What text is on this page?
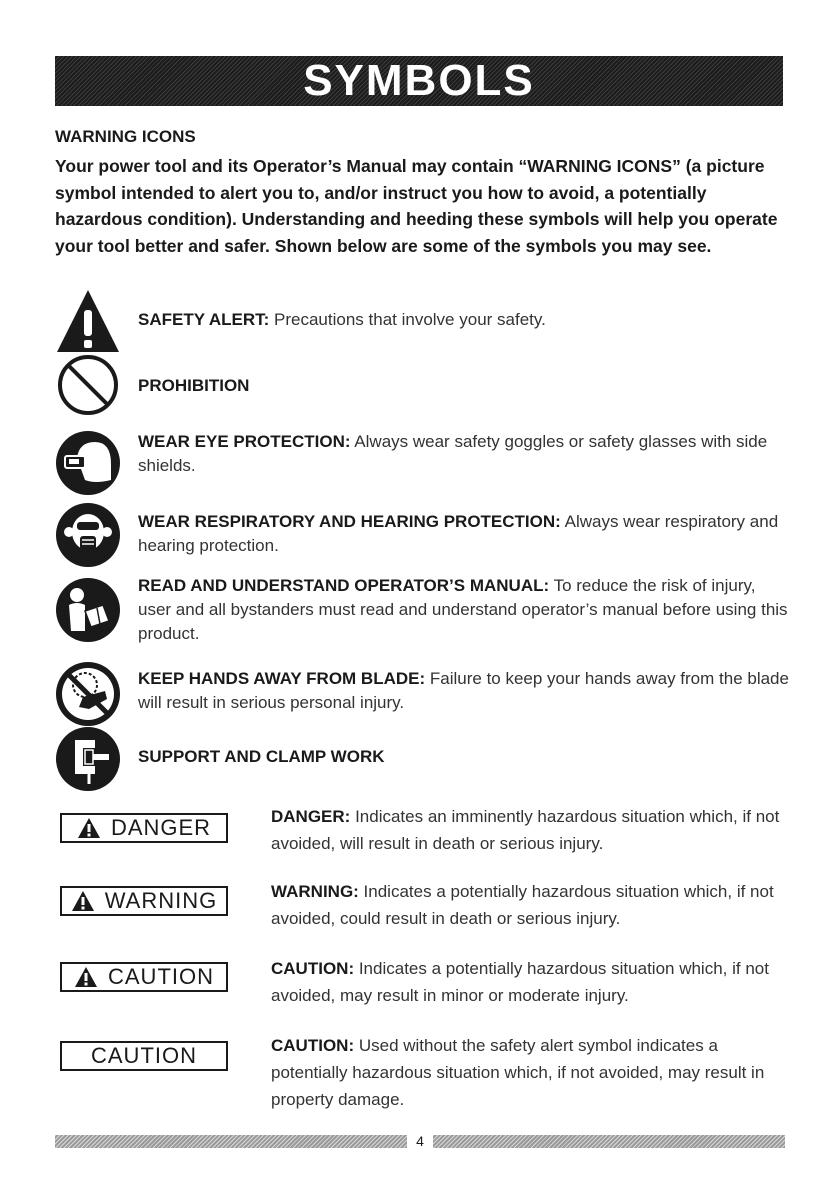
SYMBOLS
WARNING ICONS
Your power tool and its Operator’s Manual may contain “WARNING ICONS” (a picture symbol intended to alert you to, and/or instruct you how to avoid, a potentially hazardous condition). Understanding and heeding these symbols will help you operate your tool better and safer. Shown below are some of the symbols you may see.
SAFETY ALERT: Precautions that involve your safety.
PROHIBITION
WEAR EYE PROTECTION: Always wear safety goggles or safety glasses with side shields.
WEAR RESPIRATORY AND HEARING PROTECTION: Always wear respiratory and hearing protection.
READ AND UNDERSTAND OPERATOR’S MANUAL: To reduce the risk of injury, user and all bystanders must read and understand operator’s manual before using this product.
KEEP HANDS AWAY FROM BLADE: Failure to keep your hands away from the blade will result in serious personal injury.
SUPPORT AND CLAMP WORK
DANGER	DANGER: Indicates an imminently hazardous situation which, if not avoided, will result in death or serious injury.
WARNING	WARNING: Indicates a potentially hazardous situation which, if not avoided, could result in death or serious injury.
CAUTION	CAUTION: Indicates a potentially hazardous situation which, if not avoided, may result in minor or moderate injury.
CAUTION	CAUTION: Used without the safety alert symbol indicates a potentially hazardous situation which, if not avoided, may result in property damage.
4
